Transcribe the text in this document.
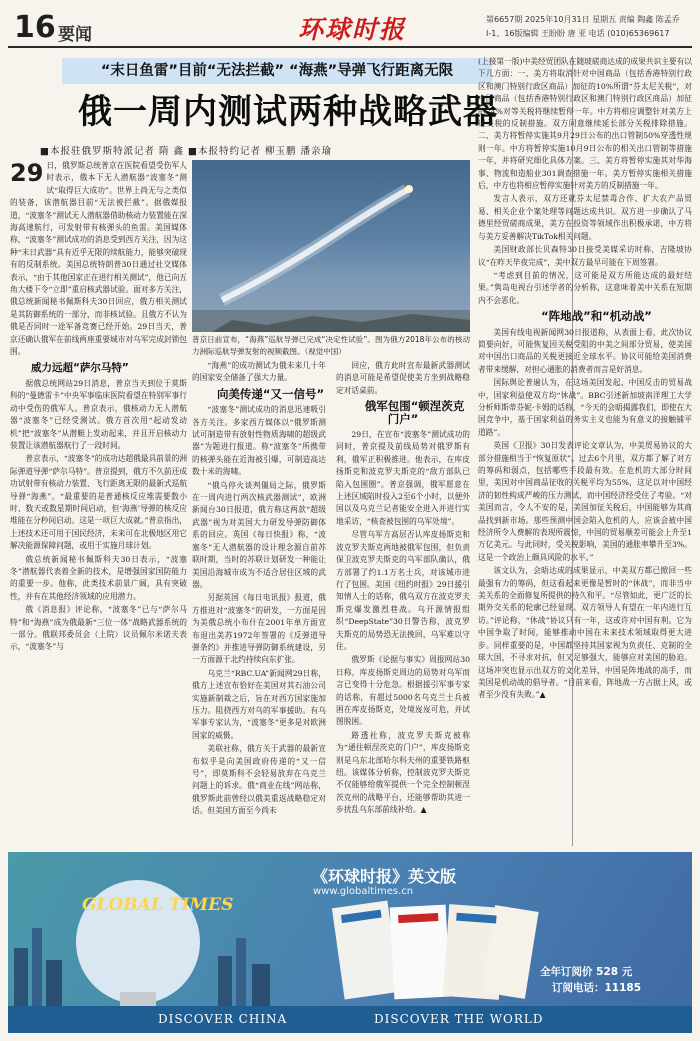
16 要闻	环球时报	第6657期 2025年10月31日 星期五 责编 陶鑫 陈孟乔
Ⅰ-1、16版编辑 王盼盼 唐 亚 电话 (010)65369617
“末日鱼雷”目前“无法拦截” “海燕”导弹飞行距离无限
俄一周内测试两种战略武器
■本报驻俄罗斯特派记者 隋 鑫 ■本报特约记者 柳玉鹏 潘亲瑜

29 日，俄罗斯总统普京在医院看望受伤军人时表示，俄本下无人潜航器“波塞冬”测试“取得巨大成功”。世界上尚无与之类似的装备，该潜航器目前“无法被拦截”。据俄媒报道，“波塞冬”测试无人潜航器借助核动力装置能在深海高速航行，可发射带有核弹头的鱼雷。美国媒体称，“波塞冬”测试成功的消息受到西方关注，因为这种“末日武器”具有近乎无限的续航能力，能够突破现有的反制系统。美国总统特朗普30日通过社交媒体表示，“由于其他国家正在进行相关测试”，他已向五角大楼下令“立即”重启核武器试验。面对多方关注，俄总统新闻秘书佩斯科夫30日回应，俄方相关测试是其防御系统的一部分，而非核试验。且俄方不认为俄是否同时一途军备竞赛已经开始。29日当天，普京还确认俄军在前线两座重要城市对乌军完成封锁包围。

威力远超“萨尔马特”

据俄总统网站29日消息，普京当天到位于莫斯科的“曼德雷卡”中央军事临床医院看望在特别军事行动中受伤的俄军人。普京表示，俄核动力无人潜航器“波塞冬”已经受测试。俄方首次用“起动发动机”把“波塞冬”从潜艇上发动起来，并且开启核动力装置让该潜航器航行了一段时间。

普京表示，“波塞冬”的成功达超俄最具前景的洲际弹道导弹“萨尔马特”。普京提到，俄方不久前还成功试射带有核动力装置、飞行距离无限的最新式巡航导弹“海燕”。“最重要的是普通核反应堆需要数小时、数天或数星期时间启动，但‘海燕’导弹的核反应堆能在分秒间启动。这是一项巨大成就。”普京指出，上述技术还可用于国民经济，未来可在北极地区用它解决能源保障问题，或用于实施月球计划。

俄总统新闻秘书佩斯科夫30日表示，“波塞冬”潜航器代表着全新的技术，是增强国家国防能力的重要一步。他称，此类技术前景广阔，具有突破性，并有在其他经济领域的应用潜力。

俄《消息报》评论称，“波塞冬”已与“萨尔马特”和“海燕”成为俄最新“三位一体”战略武器系统的一部分。俄联邦委员会（上院）议员佩尔米诺夫表示，“波塞冬”与

普京日前宣布，“海燕”巡航导弹已完成“决定性试验”。图为俄方2018年公布的核动力洲际巡航导弹发射的视频截图。（视觉中国）

“海燕”的成功测试为俄未来几十年的国家安全储备了强大力量。

向美传递“又一信号”

“波塞冬”测试成功的消息迅速吸引各方关注。多家西方媒体以“俄罗斯测试可制造带有放射性物质海啸的超级武器”为题进行报道。称“波塞冬”所携带的核弹头能在近海被引爆，可制造高达数十米的海啸。

“俄乌停火谈判僵局之际，俄罗斯在一周内进行两次核武器测试”，欧洲新闻台30日报道，俄方称这两款“超级武器”视为对美国大力研发导弹防御体系的回应。英国《每日快报》称，“波塞冬”无人潜航器的设计理念源自前苏联时期，当时的苏联计划研发一种能让美国沿海城市成为不适合居住区域的武器。

另据英国《每日电讯报》报道，俄方推进对“波塞冬”的研发，一方面是因为美俄总统小布什在2001年单方面宣布退出美苏1972年签署的《反弹道导弹条约》并推进导弹防御系统建设，另一方面源于北约持续向东扩张。

乌克兰“RBC.UA”新闻网29日称，俄方上述宣布恰好在美国对其石油公司实施新制裁之后，旨在对西方国家施加压力。阻挠西方对乌的军事援助。有乌军事专家认为，“波塞冬”更多是对欧洲国家的威慑。

美联社称，俄方关于武器的最新宣布似乎是向美国政府传递的“又一信号”，即莫斯科不会轻易放弃在乌克兰问题上的诉求。俄“商业在线”网站称，俄罗斯此前曾经以俄美重返战略稳定对话。但美国方面至今尚未

回应，俄方此时宣布最新武器测试的消息可能是希望促使美方坐到战略稳定对话桌前。

俄军包围“顿涅茨克门户”

29日，在宣布“波塞冬”测试成功的同时，普京提及前线局势对俄罗斯有利，俄军正积极推进。他表示，在库皮扬斯克和波克罗夫斯克的“敌方部队已陷入包围圈”。普京强调，俄军愿意在上述区域陷时投入2至6个小时，以便外国以及乌克兰记者能安全进入并进行实地采访，“核查被包围的乌军处境”。

尽管乌军方高层否认库皮扬斯克和波克罗夫斯克两地被俄军包围，但负责保卫波克罗夫斯克的乌军部队确认，俄方部署了约1.1万名士兵，对该城市进行了包围。美国《纽约时报》29日援引知情人士的话称，俄乌双方在波克罗夫斯克爆发激烈巷战。乌开源情报组织“DeepState”30日警告称，波克罗夫斯克的局势恐无法挽回，乌军难以守住。

俄罗斯《论据与事实》周报网站30日称，库皮扬斯克周边的局势对乌军而言已变得十分危急。根据援引军事专家的话称，有超过5000名乌克兰士兵被困在库皮扬斯克，处境岌岌可危，并试图脱困。

路透社称，波克罗夫斯克被称为“通往顿涅茨克的门户”，库皮扬斯克则是乌东北部哈尔科夫州的重要铁路枢纽。该媒体分析称，控制波克罗夫斯克不仅能够给俄军提供一个完全控制顿涅茨克州的战略平台，还能够帮助其进一步扰乱乌东部前线补给。▲

(上接第一版)中美经贸团队在随坡磋商达成的成果共识主要有以下几方面：一、美方将取消针对中国商品（包括香港特别行政区和澳门特别行政区商品）加征的10%所谓“芬太尼关税”，对中国商品（包括香港特别行政区和澳门特别行政区商品）加征的24%对等关税将继续暂停一年。中方将相应调整针对美方上述关税的反制措施。双方同意继续延长部分关税排除措施。二、美方将暂停实施其9月29日公布的出口管制50%穿透性规则一年。中方将暂停实施10月9日公布的相关出口管制等措施一年，并将研究细化具体方案。三、美方将暂停实施其对华海事、物流和造船业301调查措施一年。美方暂停实施相关措施后，中方也将相应暂停实施针对美方的反制措施一年。

发言人表示，双方还就芬太尼禁毒合作、扩大农产品贸易、相关企业个案处理等问题达成共识。双方进一步确认了马德里经贸磋商成果，美方在投资等领域作出积极承诺，中方将与美方妥善解决TikTok相关问题。

美国财政部长贝森特30日接受美媒采访时称，吉隆坡协议“在昨天毕夜完成”，美中双方最早可能在下周签署。

“考虑到目前的情况，这可能是双方所能达成的最好结果。”隽岛电视台引述学者的分析称，这意味着美中关系在短期内不会恶化。

“阵地战”和“机动战”

美国有线电视新闻网30日报道称，从表面上看，此次协议简要向好，可能恢复因关税受阻的中美之间部分贸易，使美国对中国出口商品的关税更接近全球水平。协议可能给美国消费者带来缓解，对担心通胀的消费者而言是好消息。

国际舆论普遍认为，在这场美国发起、中国反击的贸易战中，国家利益使双方均“休战”。BBC引述新加坡南洋理工大学分析师斯蒂芬妮·卡姆的话称，“今天的会晤揭露我们，即使在大国竞争中，基于国家利益的务实主义也能为有意义的接触铺平道路”。

英国《卫报》30日发表评论文章认为，中美贸易协议的大部分措施相当于“恢复原状”。过去6个月里，双方都了解了对方的筹码和弱点，包括哪些手段最有效。在危机的大部分时间里，美国对中国商品征收的关税平均为55%，这足以对中国经济的韧性构成严峻的压力测试，而中国经济经受住了考验。“对美国而言，令人不安的是，美国加征关税后，中国能够为其商品找到新市场。那些预测中国会陷入危机的人，应该会被中国经济所令人费解的表现所震惊，中国的贸易顺差可能会上升至1万亿美元。与此同时，受关税影响，美国的通胀率攀升至3%。这是一个政治上颇具风险的水平。”

该文认为，会晤达成的成果显示，中美双方都已掀回一些最强有力的筹码，但这看起来更像是暂时的“休战”，而非当中美关系的全面修复所提供的持久和平。“尽管如此，更广泛的长期外交关系的轮廓已经显现。双方领导人有望在一年内进行互访。”评论称，“休战”协议只有一年，这或许对中国有利。它为中国争取了时间，能够推动中国在未来技术领域取得更大进步。同样重要的是，中国都坚持其国家视为负责任、克制的全球大国，不寻求对抗，但又足够强大，能够应对美国的胁迫。这场冲突也显示出双方的文化差异，中国是阵地战的高手，而美国是机动战的倡导者。“目前来看，阵地战一方占据上风，或者至少没有失败。”▲

GLOBAL TIMES
《环球时报》英文版
www.globaltimes.cn
全年订阅价 528 元
订阅电话：11185
DISCOVER CHINA	DISCOVER THE WORLD
